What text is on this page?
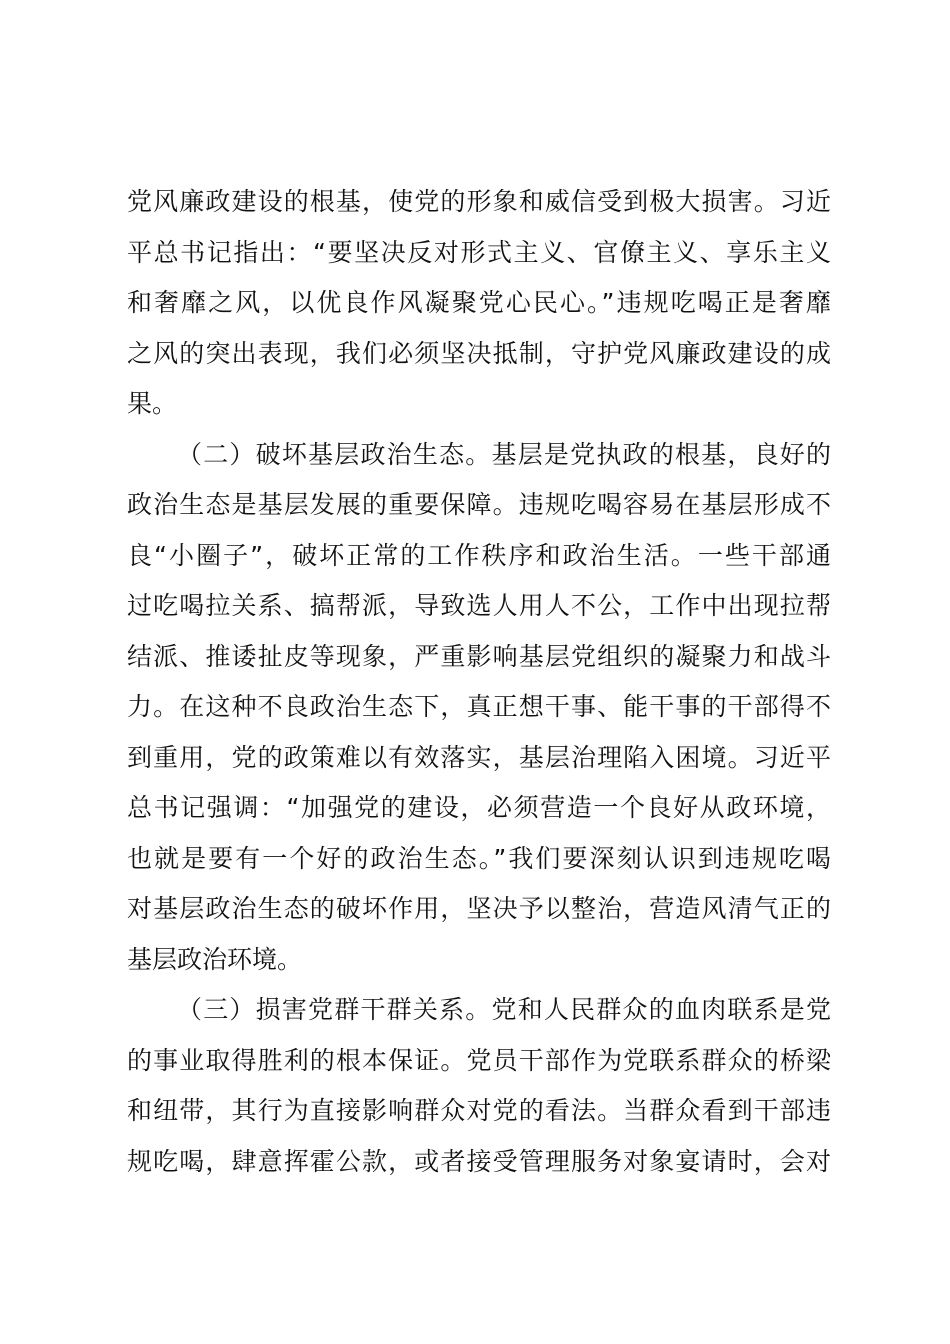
党风廉政建设的根基，使党的形象和威信受到极大损害。习近
平总书记指出：“要坚决反对形式主义、官僚主义、享乐主义
和奢靡之风，以优良作风凝聚党心民心。”违规吃喝正是奢靡
之风的突出表现，我们必须坚决抵制，守护党风廉政建设的成
果。
（二）破坏基层政治生态。基层是党执政的根基，良好的
政治生态是基层发展的重要保障。违规吃喝容易在基层形成不
良“小圈子”，破坏正常的工作秩序和政治生活。一些干部通
过吃喝拉关系、搞帮派，导致选人用人不公，工作中出现拉帮
结派、推诿扯皮等现象，严重影响基层党组织的凝聚力和战斗
力。在这种不良政治生态下，真正想干事、能干事的干部得不
到重用，党的政策难以有效落实，基层治理陷入困境。习近平
总书记强调：“加强党的建设，必须营造一个良好从政环境，
也就是要有一个好的政治生态。”我们要深刻认识到违规吃喝
对基层政治生态的破坏作用，坚决予以整治，营造风清气正的
基层政治环境。
（三）损害党群干群关系。党和人民群众的血肉联系是党
的事业取得胜利的根本保证。党员干部作为党联系群众的桥梁
和纽带，其行为直接影响群众对党的看法。当群众看到干部违
规吃喝，肆意挥霍公款，或者接受管理服务对象宴请时，会对
